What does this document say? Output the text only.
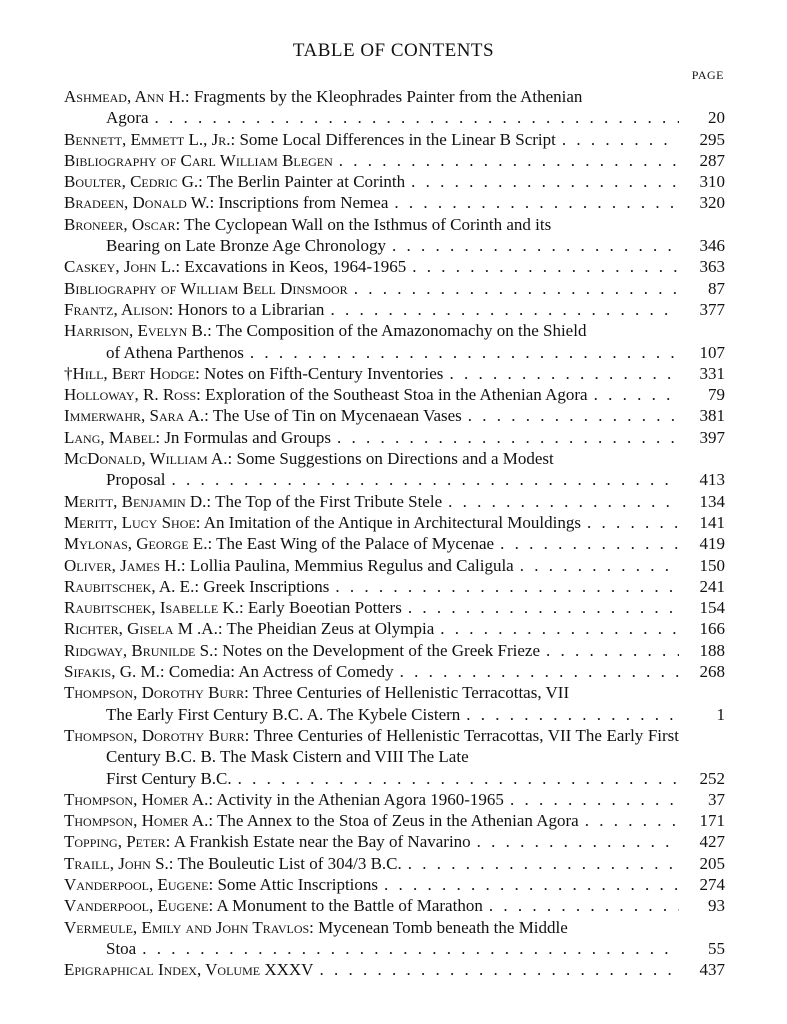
TABLE OF CONTENTS
PAGE
Ashmead, Ann H.: Fragments by the Kleophrades Painter from the Athenian
Agora . . .	20
Bennett, Emmett L., Jr.: Some Local Differences in the Linear B Script . . .	295
Bibliography of Carl William Blegen . . .	287
Boulter, Cedric G.: The Berlin Painter at Corinth . . .	310
Bradeen, Donald W.: Inscriptions from Nemea . . .	320
Broneer, Oscar: The Cyclopean Wall on the Isthmus of Corinth and its
Bearing on Late Bronze Age Chronology . . .	346
Caskey, John L.: Excavations in Keos, 1964-1965 . . .	363
Bibliography of William Bell Dinsmoor . . .	87
Frantz, Alison: Honors to a Librarian . . .	377
Harrison, Evelyn B.: The Composition of the Amazonomachy on the Shield
of Athena Parthenos . . .	107
†Hill, Bert Hodge: Notes on Fifth-Century Inventories . . .	331
Holloway, R. Ross: Exploration of the Southeast Stoa in the Athenian Agora . . .	79
Immerwahr, Sara A.: The Use of Tin on Mycenaean Vases . . .	381
Lang, Mabel: Jn Formulas and Groups . . .	397
McDonald, William A.: Some Suggestions on Directions and a Modest
Proposal . . .	413
Meritt, Benjamin D.: The Top of the First Tribute Stele . . .	134
Meritt, Lucy Shoe: An Imitation of the Antique in Architectural Mouldings . . .	141
Mylonas, George E.: The East Wing of the Palace of Mycenae . . .	419
Oliver, James H.: Lollia Paulina, Memmius Regulus and Caligula . . .	150
Raubitschek, A. E.: Greek Inscriptions . . .	241
Raubitschek, Isabelle K.: Early Boeotian Potters . . .	154
Richter, Gisela M .A.: The Pheidian Zeus at Olympia . . .	166
Ridgway, Brunilde S.: Notes on the Development of the Greek Frieze . . .	188
Sifakis, G. M.: Comedia: An Actress of Comedy . . .	268
Thompson, Dorothy Burr: Three Centuries of Hellenistic Terracottas, VII
The Early First Century B.C. A. The Kybele Cistern . . .	1
Thompson, Dorothy Burr: Three Centuries of Hellenistic Terracottas, VII The Early First Century B.C. B. The Mask Cistern and VIII The Late
First Century B.C. . . .	252
Thompson, Homer A.: Activity in the Athenian Agora 1960-1965 . . .	37
Thompson, Homer A.: The Annex to the Stoa of Zeus in the Athenian Agora . . .	171
Topping, Peter: A Frankish Estate near the Bay of Navarino . . .	427
Traill, John S.: The Bouleutic List of 304/3 B.C. . . .	205
Vanderpool, Eugene: Some Attic Inscriptions . . .	274
Vanderpool, Eugene: A Monument to the Battle of Marathon . . .	93
Vermeule, Emily and John Travlos: Mycenean Tomb beneath the Middle
Stoa . . .	55
Epigraphical Index, Volume XXXV . . .	437
